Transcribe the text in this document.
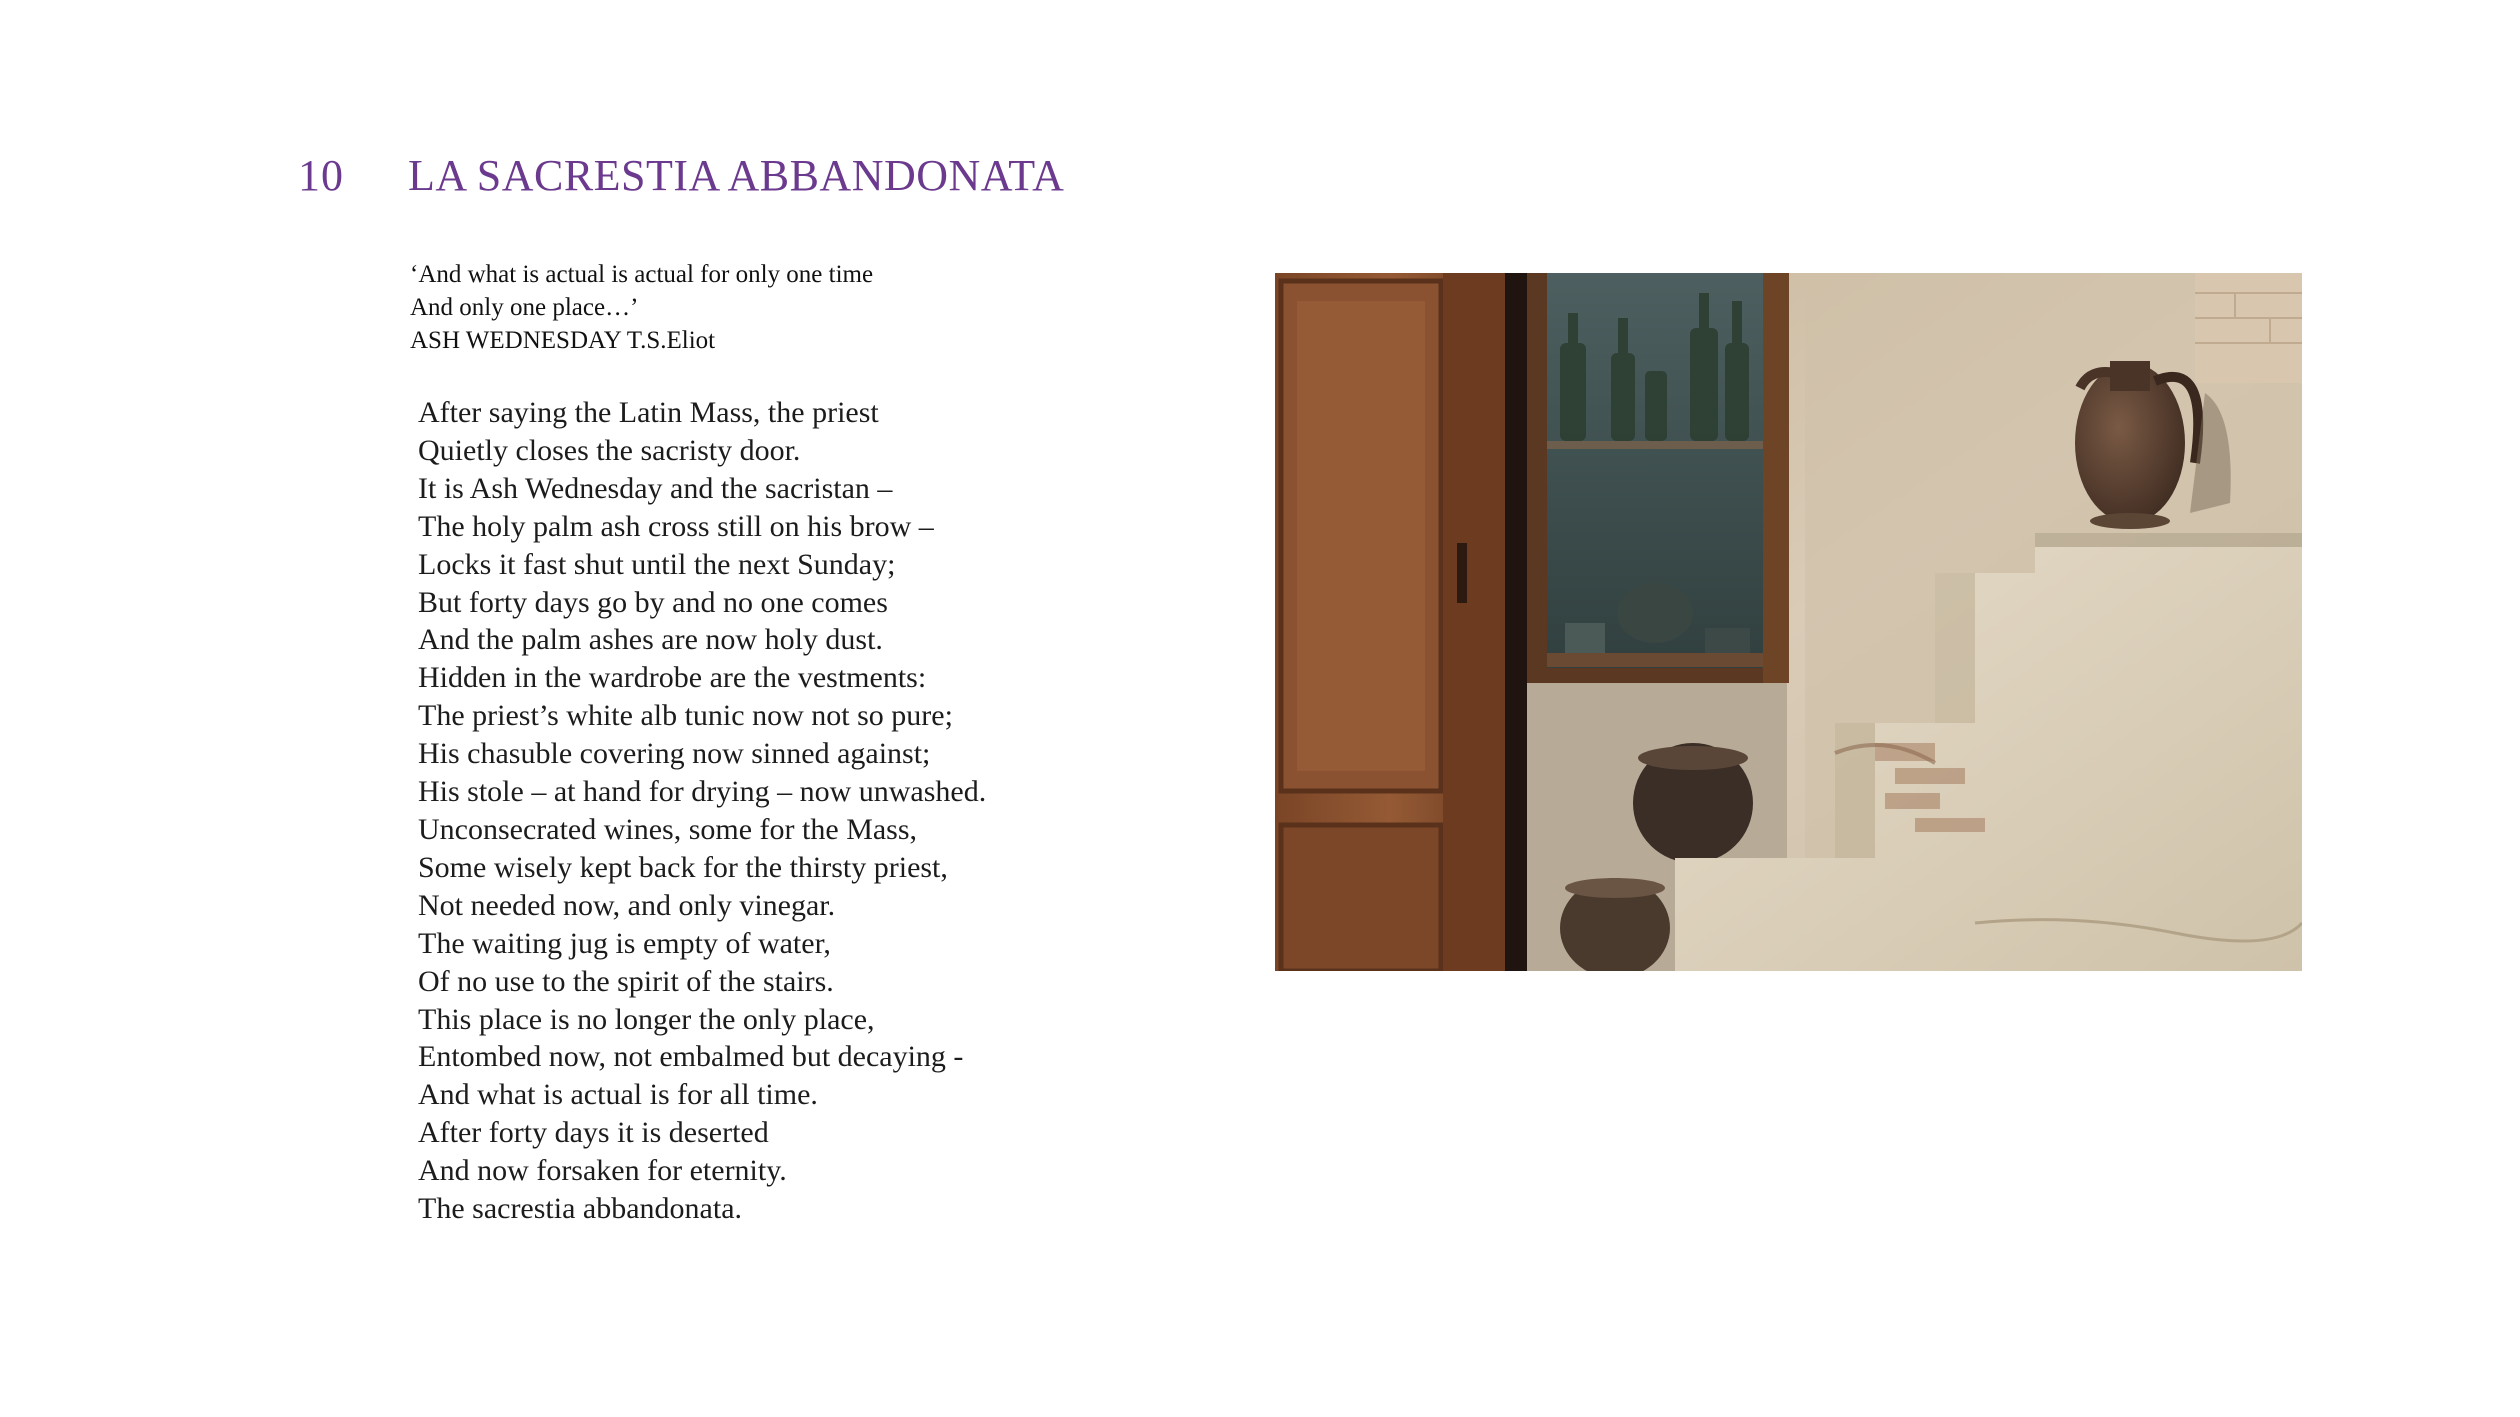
10 LA SACRESTIA ABBANDONATA
‘And what is actual is actual for only one time
And only one place…’
ASH WEDNESDAY T.S.Eliot
After saying the Latin Mass, the priest
Quietly closes the sacristy door.
It is Ash Wednesday and the sacristan –
The holy palm ash cross still on his brow –
Locks it fast shut until the next Sunday;
But forty days go by and no one comes
And the palm ashes are now holy dust.
Hidden in the wardrobe are the vestments:
The priest’s white alb tunic now not so pure;
His chasuble covering now sinned against;
His stole – at hand for drying – now unwashed.
Unconsecrated wines, some for the Mass,
Some wisely kept back for the thirsty priest,
Not needed now, and only vinegar.
The waiting jug is empty of water,
Of no use to the spirit of the stairs.
This place is no longer the only place,
Entombed now, not embalmed but decaying -
And what is actual is for all time.
After forty days it is deserted
And now forsaken for eternity.
The sacrestia abbandonata.
